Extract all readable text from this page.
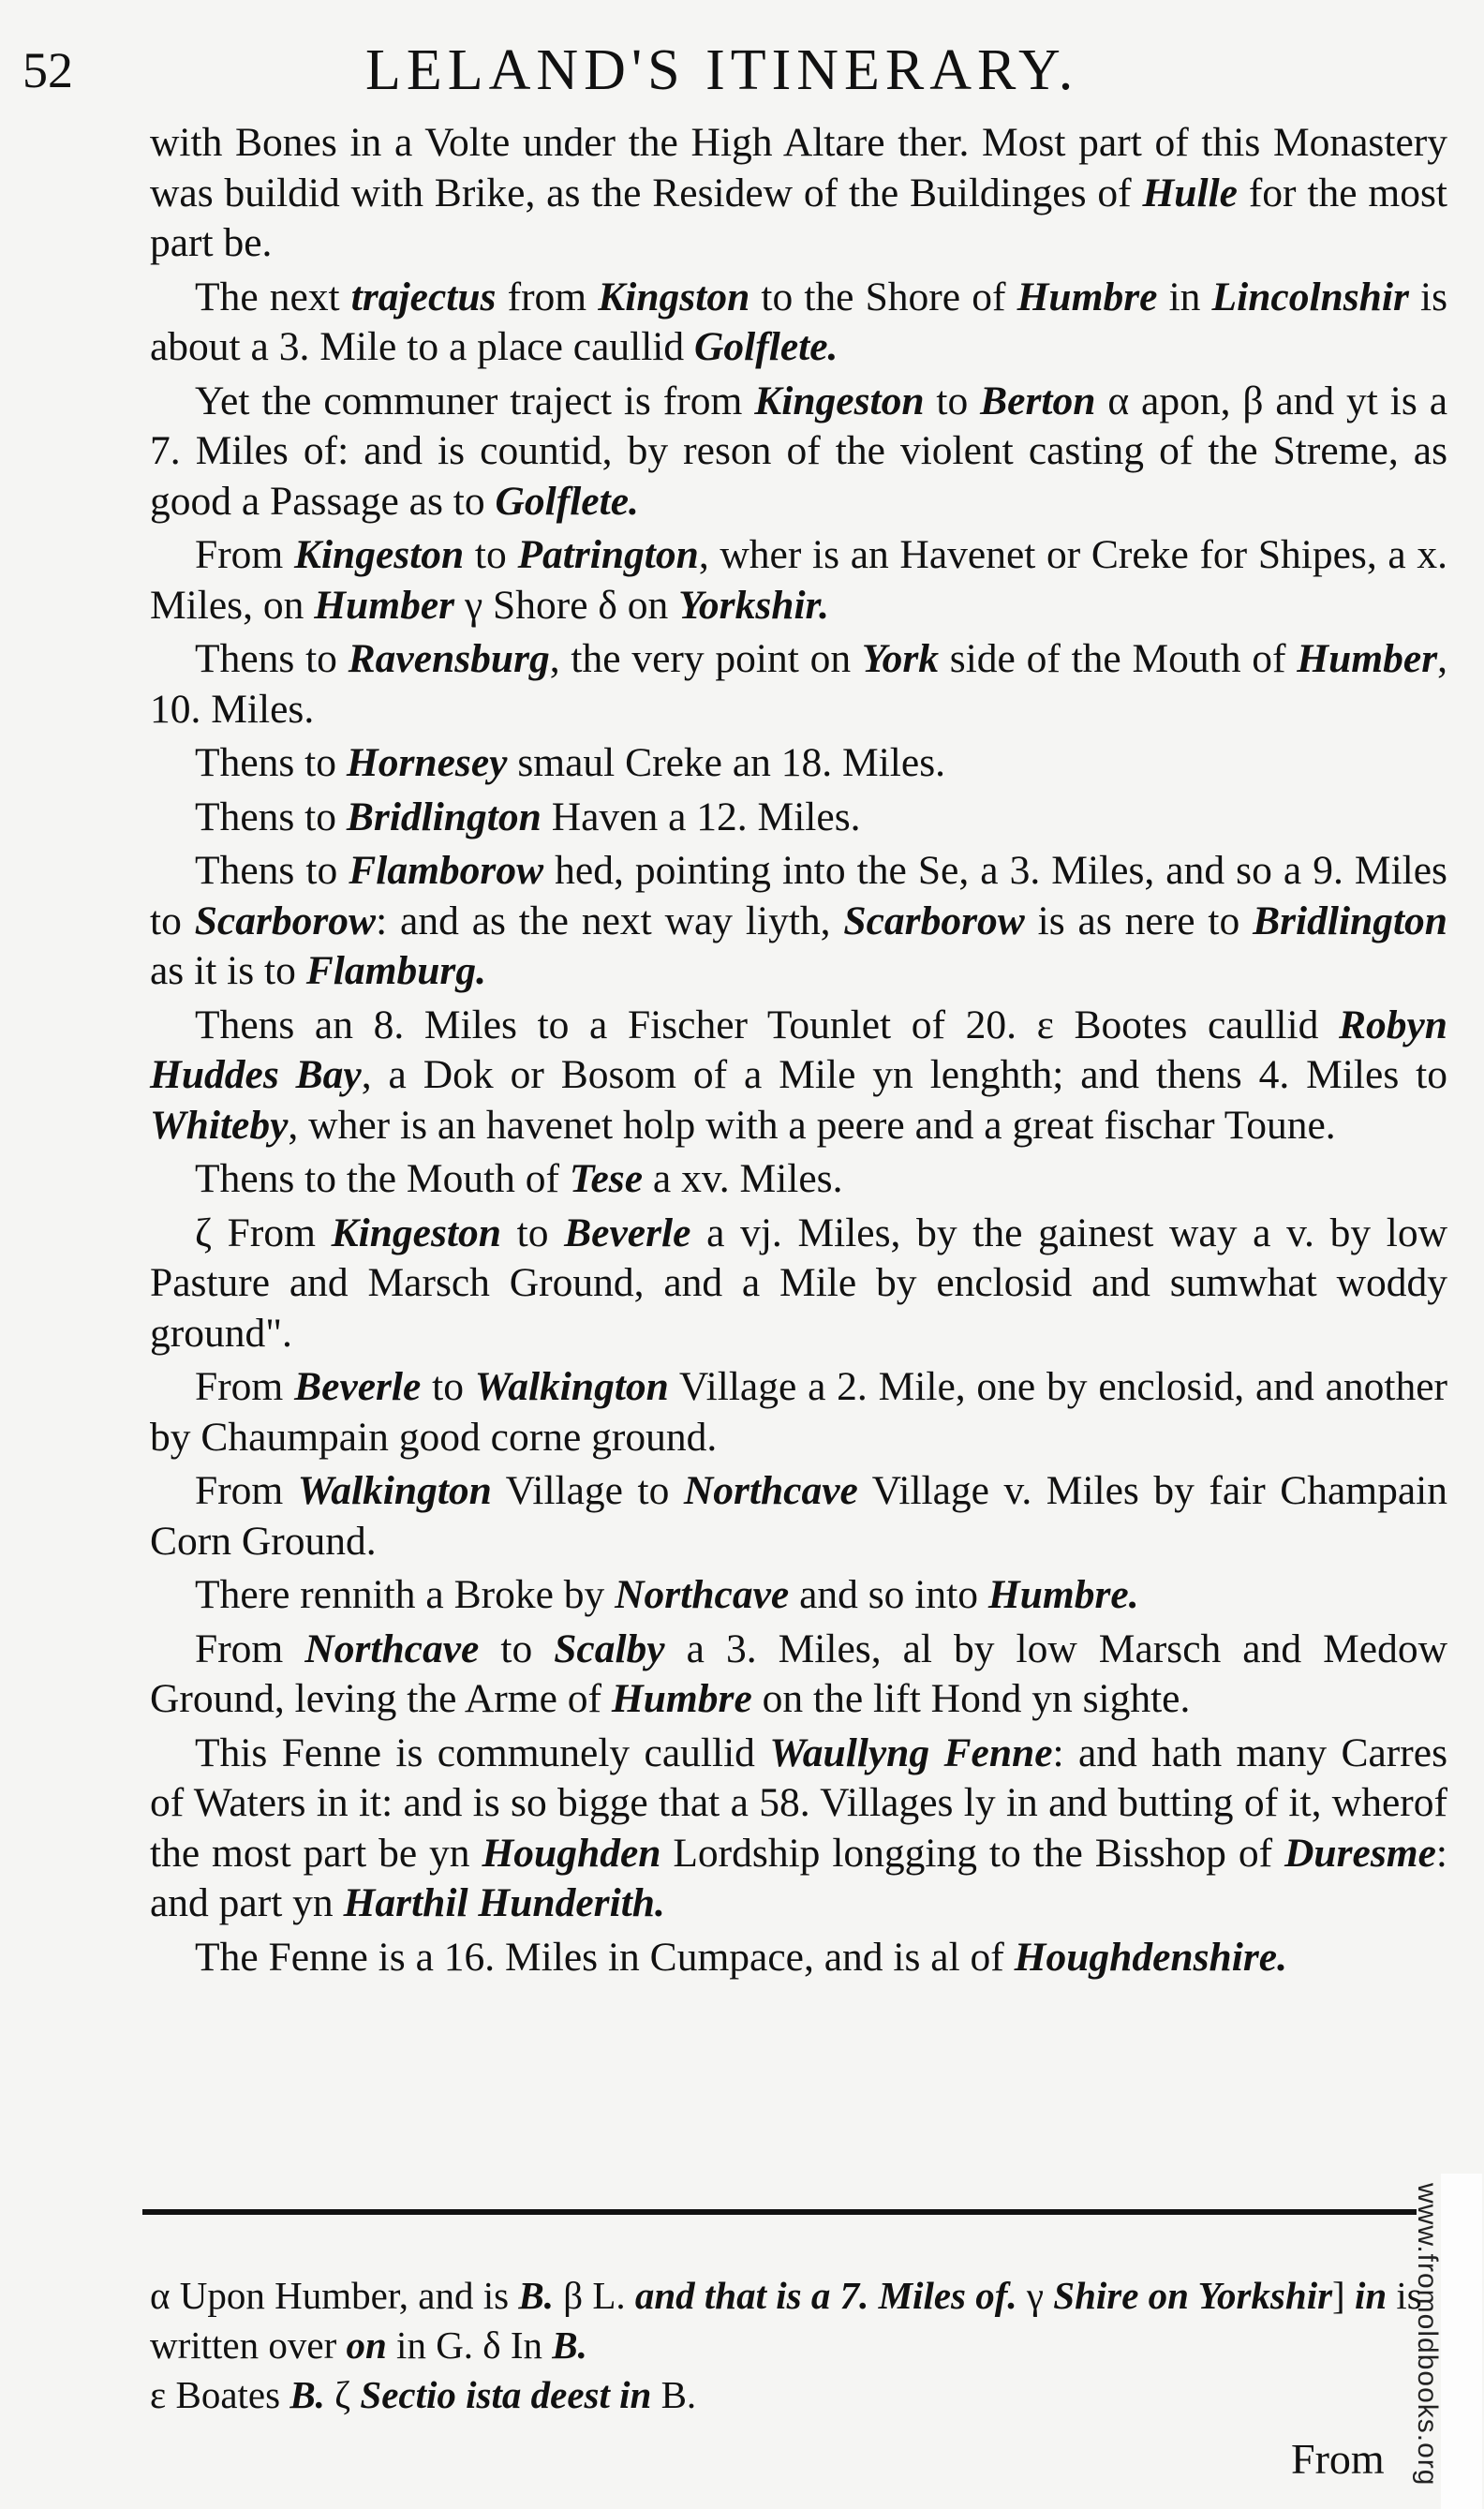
52	LELAND'S ITINERARY.

with Bones in a Volte under the High Altare ther. Most part of this Monastery was buildid with Brike, as the Residew of the Buildinges of Hulle for the most part be.

The next trajectus from Kingston to the Shore of Humbre in Lincolnshir is about a 3. Mile to a place caullid Golflete.

Yet the communer traject is from Kingeston to Berton α apon, β and yt is a 7. Miles of: and is countid, by reson of the violent casting of the Streme, as good a Passage as to Golflete.

From Kingeston to Patrington, wher is an Havenet or Creke for Shipes, a x. Miles, on Humber γ Shore δ on Yorkshir.

Thens to Ravensburg, the very point on York side of the Mouth of Humber, 10. Miles.

Thens to Hornesey smaul Creke an 18. Miles.

Thens to Bridlington Haven a 12. Miles.

Thens to Flamborow hed, pointing into the Se, a 3. Miles, and so a 9. Miles to Scarborow: and as the next way liyth, Scarborow is as nere to Bridlington as it is to Flamburg.

Thens an 8. Miles to a Fischer Tounlet of 20. ε Bootes caullid Robyn Huddes Bay, a Dok or Bosom of a Mile yn lenghth; and thens 4. Miles to Whiteby, wher is an havenet holp with a peere and a great fischar Toune.

Thens to the Mouth of Tese a xv. Miles.

ζ From Kingeston to Beverle a vj. Miles, by the gainest way a v. by low Pasture and Marsch Ground, and a Mile by enclosid and sumwhat woddy ground".

From Beverle to Walkington Village a 2. Mile, one by enclosid, and another by Chaumpain good corne ground.

From Walkington Village to Northcave Village v. Miles by fair Champain Corn Ground.

There rennith a Broke by Northcave and so into Humbre.

From Northcave to Scalby a 3. Miles, al by low Marsch and Medow Ground, leving the Arme of Humbre on the lift Hond yn sighte.

This Fenne is communely caullid Waullyng Fenne: and hath many Carres of Waters in it: and is so bigge that a 58. Villages ly in and butting of it, wherof the most part be yn Houghden Lordship longging to the Bisshop of Duresme: and part yn Harthil Hunderith.

The Fenne is a 16. Miles in Cumpace, and is al of Houghdenshire.

α Upon Humber, and is B. β L. and that is a 7. Miles of. γ Shire on Yorkshir] in is written over on in G. δ In B.

ε Boates B. ζ Sectio ista deest in B.

From www.fromoldbooks.org
